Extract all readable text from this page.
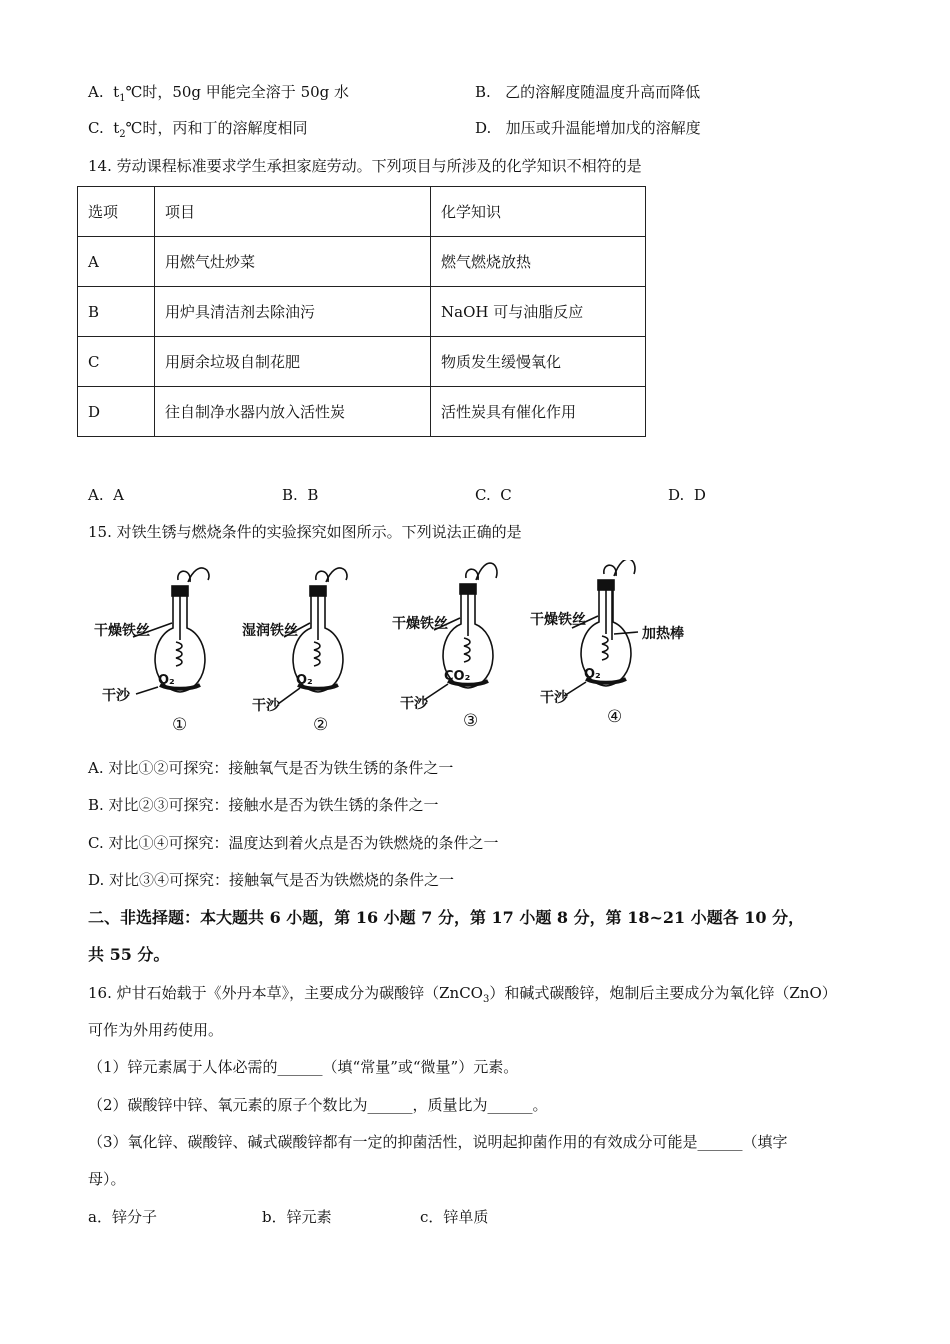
A. $t_1℃$时，50g 甲能完全溶于 50g 水	B. 乙的溶解度随温度升高而降低
C. $t_2℃$时，丙和丁的溶解度相同	D. 加压或升温能增加戊的溶解度
14. 劳动课程标准要求学生承担家庭劳动。下列项目与所涉及的化学知识不相符的是
选项	项目	化学知识
A	用燃气灶炒菜	燃气燃烧放热
B	用炉具清洁剂去除油污	NaOH 可与油脂反应
C	用厨余垃圾自制花肥	物质发生缓慢氧化
D	往自制净水器内放入活性炭	活性炭具有催化作用
A. A	B. B	C. C	D. D
15. 对铁生锈与燃烧条件的实验探究如图所示。下列说法正确的是
干燥铁丝
O₂
干沙
①
湿润铁丝
O₂
干沙
②
干燥铁丝
CO₂
干沙
③
干燥铁丝
O₂
干沙
加热棒
④
A. 对比①②可探究：接触氧气是否为铁生锈的条件之一
B. 对比②③可探究：接触水是否为铁生锈的条件之一
C. 对比①④可探究：温度达到着火点是否为铁燃烧的条件之一
D. 对比③④可探究：接触氧气是否为铁燃烧的条件之一
二、非选择题：本大题共 6 小题，第 16 小题 7 分，第 17 小题 8 分，第 18~21 小题各 10 分，
共 55 分。
16. 炉甘石始载于《外丹本草》，主要成分为碳酸锌（ZnCO$_3$）和碱式碳酸锌，炮制后主要成分为氧化锌（ZnO）
可作为外用药使用。
（1）锌元素属于人体必需的______（填“常量”或“微量”）元素。
（2）碳酸锌中锌、氧元素的原子个数比为______，质量比为______。
（3）氧化锌、碳酸锌、碱式碳酸锌都有一定的抑菌活性，说明起抑菌作用的有效成分可能是______（填字
母）。
a．锌分子	b．锌元素	c．锌单质
